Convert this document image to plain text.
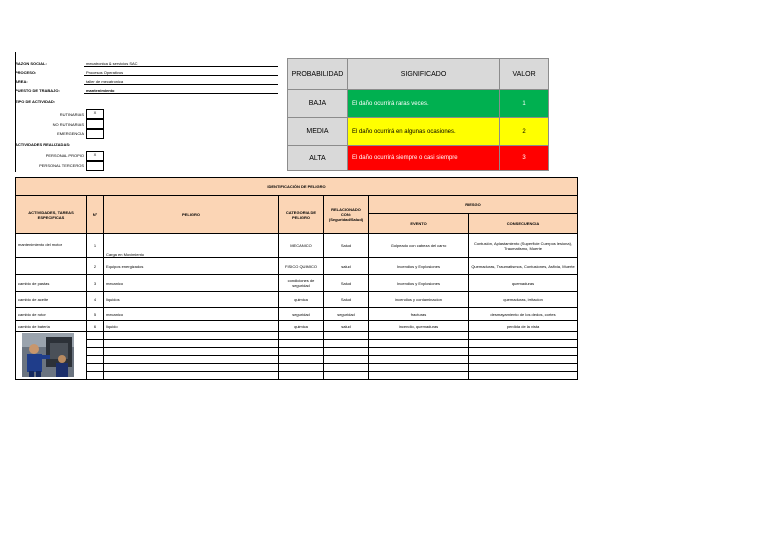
RAZON SOCIAL:	mecatronica & servicios SAC
PROCESO:	Procesos Operativos
AREA:	taller de mecatronica
PUESTO DE TRABAJO:	mantenimiento
TIPO DE ACTIVIDAD:
RUTINARIAS	X
NO RUTINARIAS
EMERGENCIA
ACTIVIDADES REALIZADAS:
PERSONAL PROPIO	X
PERSONAL TERCEROS
PROBABILIDAD	SIGNIFICADO	VALOR
BAJA	El daño ocurrirá raras veces.	1
MEDIA	El daño ocurrirá en algunas ocasiones.	2
ALTA	El daño ocurrirá siempre o casi siempre	3
IDENTIFICACIÓN DE PELIGRO						
ACTIVIDADES, TAREAS ESPECIFICAS	N°	PELIGRO	CATEGORIA DE PELIGRO	RELACIONADO CON: (Seguridad/Salud)	RIESGO	
					EVENTO	CONSECUENCIA
mantenimiento del motor	1	Carga en Movimiento	MECANICO	Salud	Golpeado con cabeza del carro	Contusión, Aplastamiento (Superficie Cuerpos lesiona), Traumatismo, Muerte
	2	Equipos energizados	FISICO QUIMICO	salud	Incendios y Explosiones	Quemaduras, Traumatismos, Contusiones, Asfixia, Muerte
cambio de pastas	3	mecanico	condiciones de seguridad	Salud	Incendios y Explosiones	quemaduras
cambio de aceite	4	liquidos	quimica	Salud	incendios y contaminacion	quemaduras, irritacion
cambio de rotor	5	mecanico	seguridad	seguridad	fracturas	desmayamiento de los dedos, cortes
cambio de bateria	6	liquido	quimica	salud	incendio, quemaduras	perdida de la vista
